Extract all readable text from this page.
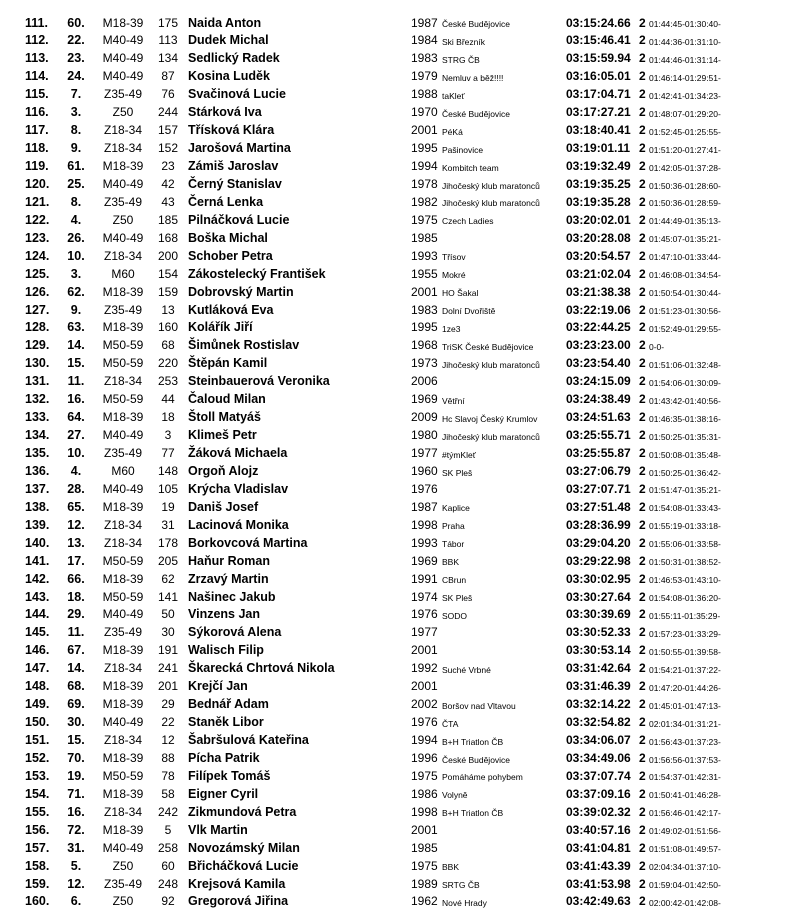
111.	60.	M18-39	175 Naida Anton	1987 České Budějovice	03:15:24.66 2 01:44:45-01:30:40-
112.	22.	M40-49	113 Dudek Michal	1984 Ski Březník	03:15:46.41 2 01:44:36-01:31:10-
113.	23.	M40-49	134 Sedlický Radek	1983 STRG ČB	03:15:59.94 2 01:44:46-01:31:14-
114.	24.	M40-49	87	Kosina Luděk	1979 Nemluv a běž!!!!	03:16:05.01 2 01:46:14-01:29:51-
115.	7.	Z35-49	76	Svačinová Lucie	1988 taKleť	03:17:04.71 2 01:42:41-01:34:23-
116.	3.	Z50	244 Stárková Iva	1970 České Budějovice	03:17:27.21 2 01:48:07-01:29:20-
117.	8.	Z18-34	157 Třísková Klára	2001 PéKá	03:18:40.41 2 01:52:45-01:25:55-
118.	9.	Z18-34	152 Jarošová Martina	1995 Pašinovice	03:19:01.11 2 01:51:20-01:27:41-
119.	61.	M18-39	23	Zámiš Jaroslav	1994 Kombitch team	03:19:32.49 2 01:42:05-01:37:28-
120.	25.	M40-49	42	Černý Stanislav	1978 Jihočeský klub maratonců 03:19:35.25 2 01:50:36-01:28:60-
121.	8.	Z35-49	43	Černá Lenka	1982 Jihočeský klub maratonců 03:19:35.28 2 01:50:36-01:28:59-
122.	4.	Z50	185 Pilnáčková Lucie	1975 Czech Ladies	03:20:02.01 2 01:44:49-01:35:13-
123.	26.	M40-49	168 Boška Michal	1985	03:20:28.08 2 01:45:07-01:35:21-
124.	10.	Z18-34	200 Schober Petra	1993 Třísov	03:20:54.57 2 01:47:10-01:33:44-
125.	3.	M60	154 Zákostelecký František	1955 Mokré	03:21:02.04 2 01:46:08-01:34:54-
126.	62.	M18-39	159 Dobrovský Martin	2001 HO Šakal	03:21:38.38 2 01:50:54-01:30:44-
127.	9.	Z35-49	13	Kutláková Eva	1983 Dolní Dvořiště	03:22:19.06 2 01:51:23-01:30:56-
128.	63.	M18-39	160 Kolářík Jiří	1995 1ze3	03:22:44.25 2 01:52:49-01:29:55-
129.	14.	M50-59	68	Šimůnek Rostislav	1968 TriSK České Budějovice	03:23:23.00 2 0-0-
130.	15.	M50-59	220 Štěpán Kamil	1973 Jihočeský klub maratonců 03:23:54.40 2 01:51:06-01:32:48-
131.	11.	Z18-34	253 Steinbauerová Veronika	2006	03:24:15.09 2 01:54:06-01:30:09-
132.	16.	M50-59	44	Čaloud Milan	1969 Větřní	03:24:38.49 2 01:43:42-01:40:56-
133.	64.	M18-39	18	Štoll Matyáš	2009 Hc Slavoj Český Krumlov 03:24:51.63 2 01:46:35-01:38:16-
134.	27.	M40-49	3	Klimeš Petr	1980 Jihočeský klub maratonců 03:25:55.71 2 01:50:25-01:35:31-
135.	10.	Z35-49	77	Žáková Michaela	1977 #týmKleť	03:25:55.87 2 01:50:08-01:35:48-
136.	4.	M60	148 Orgoň Alojz	1960 SK Pleš	03:27:06.79 2 01:50:25-01:36:42-
137.	28.	M40-49	105 Krýcha Vladislav	1976	03:27:07.71 2 01:51:47-01:35:21-
138.	65.	M18-39	19	Daniš Josef	1987 Kaplice	03:27:51.48 2 01:54:08-01:33:43-
139.	12.	Z18-34	31	Lacinová Monika	1998 Praha	03:28:36.99 2 01:55:19-01:33:18-
140.	13.	Z18-34	178 Borkovcová Martina	1993 Tábor	03:29:04.20 2 01:55:06-01:33:58-
141.	17.	M50-59	205 Haňur Roman	1969 BBK	03:29:22.98 2 01:50:31-01:38:52-
142.	66.	M18-39	62	Zrzavý Martin	1991 CBrun	03:30:02.95 2 01:46:53-01:43:10-
143.	18.	M50-59	141 Našinec Jakub	1974 SK Pleš	03:30:27.64 2 01:54:08-01:36:20-
144.	29.	M40-49	50	Vinzens Jan	1976 SODO	03:30:39.69 2 01:55:11-01:35:29-
145.	11.	Z35-49	30	Sýkorová Alena	1977	03:30:52.33 2 01:57:23-01:33:29-
146.	67.	M18-39	191 Walisch Filip	2001	03:30:53.14 2 01:50:55-01:39:58-
147.	14.	Z18-34	241 Škarecká Chrtová Nikola	1992 Suché Vrbné	03:31:42.64 2 01:54:21-01:37:22-
148.	68.	M18-39	201 Krejčí Jan	2001	03:31:46.39 2 01:47:20-01:44:26-
149.	69.	M18-39	29	Bednář Adam	2002 Boršov nad Vltavou	03:32:14.22 2 01:45:01-01:47:13-
150.	30.	M40-49	22	Staněk Libor	1976 ČTA	03:32:54.82 2 02:01:34-01:31:21-
151.	15.	Z18-34	12	Šabršulová Kateřina	1994 B+H Triatlon ČB	03:34:06.07 2 01:56:43-01:37:23-
152.	70.	M18-39	88	Pícha Patrik	1996 České Budějovice	03:34:49.06 2 01:56:56-01:37:53-
153.	19.	M50-59	78	Filípek Tomáš	1975 Pomáháme pohybem	03:37:07.74 2 01:54:37-01:42:31-
154.	71.	M18-39	58	Eigner Cyril	1986 Volyně	03:37:09.16 2 01:50:41-01:46:28-
155.	16.	Z18-34	242 Zikmundová Petra	1998 B+H Triatlon ČB	03:39:02.32 2 01:56:46-01:42:17-
156.	72.	M18-39	5	Vlk Martin	2001	03:40:57.16 2 01:49:02-01:51:56-
157.	31.	M40-49	258 Novozámský Milan	1985	03:41:04.81 2 01:51:08-01:49:57-
158.	5.	Z50	60	Břicháčková Lucie	1975 BBK	03:41:43.39 2 02:04:34-01:37:10-
159.	12.	Z35-49	248 Krejsová Kamila	1989 SRTG ČB	03:41:53.98 2 01:59:04-01:42:50-
160.	6.	Z50	92	Gregorová Jiřina	1962 Nové Hrady	03:42:49.63 2 02:00:42-01:42:08-
